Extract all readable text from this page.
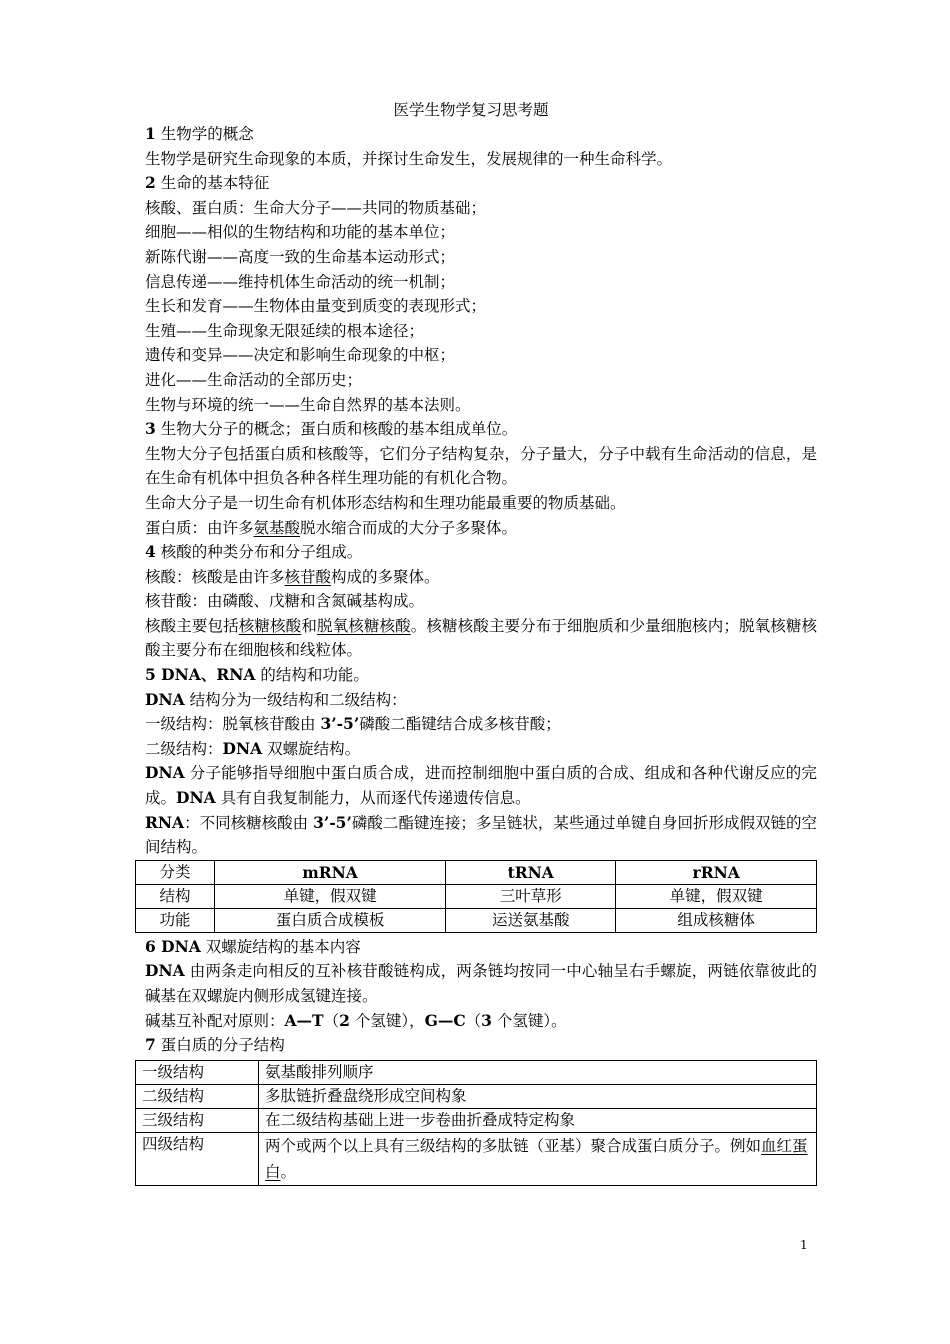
医学生物学复习思考题
1 生物学的概念
生物学是研究生命现象的本质，并探讨生命发生，发展规律的一种生命科学。
2 生命的基本特征
核酸、蛋白质：生命大分子——共同的物质基础；
细胞——相似的生物结构和功能的基本单位；
新陈代谢——高度一致的生命基本运动形式；
信息传递——维持机体生命活动的统一机制；
生长和发育——生物体由量变到质变的表现形式；
生殖——生命现象无限延续的根本途径；
遗传和变异——决定和影响生命现象的中枢；
进化——生命活动的全部历史；
生物与环境的统一——生命自然界的基本法则。
3 生物大分子的概念；蛋白质和核酸的基本组成单位。
生物大分子包括蛋白质和核酸等，它们分子结构复杂，分子量大，分子中载有生命活动的信息，是在生命有机体中担负各种各样生理功能的有机化合物。
生命大分子是一切生命有机体形态结构和生理功能最重要的物质基础。
蛋白质：由许多氨基酸脱水缩合而成的大分子多聚体。
4 核酸的种类分布和分子组成。
核酸：核酸是由许多核苷酸构成的多聚体。
核苷酸：由磷酸、戊糖和含氮碱基构成。
核酸主要包括核糖核酸和脱氧核糖核酸。核糖核酸主要分布于细胞质和少量细胞核内；脱氧核糖核酸主要分布在细胞核和线粒体。
5 DNA、RNA 的结构和功能。
DNA 结构分为一级结构和二级结构：
一级结构：脱氧核苷酸由 3’-5’磷酸二酯键结合成多核苷酸；
二级结构：DNA 双螺旋结构。
DNA 分子能够指导细胞中蛋白质合成，进而控制细胞中蛋白质的合成、组成和各种代谢反应的完成。DNA 具有自我复制能力，从而逐代传递遗传信息。
RNA：不同核糖核酸由 3’-5’磷酸二酯键连接；多呈链状，某些通过单键自身回折形成假双链的空间结构。
分类	mRNA	tRNA	rRNA
结构	单键，假双键	三叶草形	单键，假双键
功能	蛋白质合成模板	运送氨基酸	组成核糖体
6 DNA 双螺旋结构的基本内容
DNA 由两条走向相反的互补核苷酸链构成，两条链均按同一中心轴呈右手螺旋，两链依靠彼此的碱基在双螺旋内侧形成氢键连接。
碱基互补配对原则：A—T（2 个氢键），G—C（3 个氢键）。
7 蛋白质的分子结构
一级结构	氨基酸排列顺序
二级结构	多肽链折叠盘绕形成空间构象
三级结构	在二级结构基础上进一步卷曲折叠成特定构象
四级结构	两个或两个以上具有三级结构的多肽链（亚基）聚合成蛋白质分子。例如血红蛋白。
1
